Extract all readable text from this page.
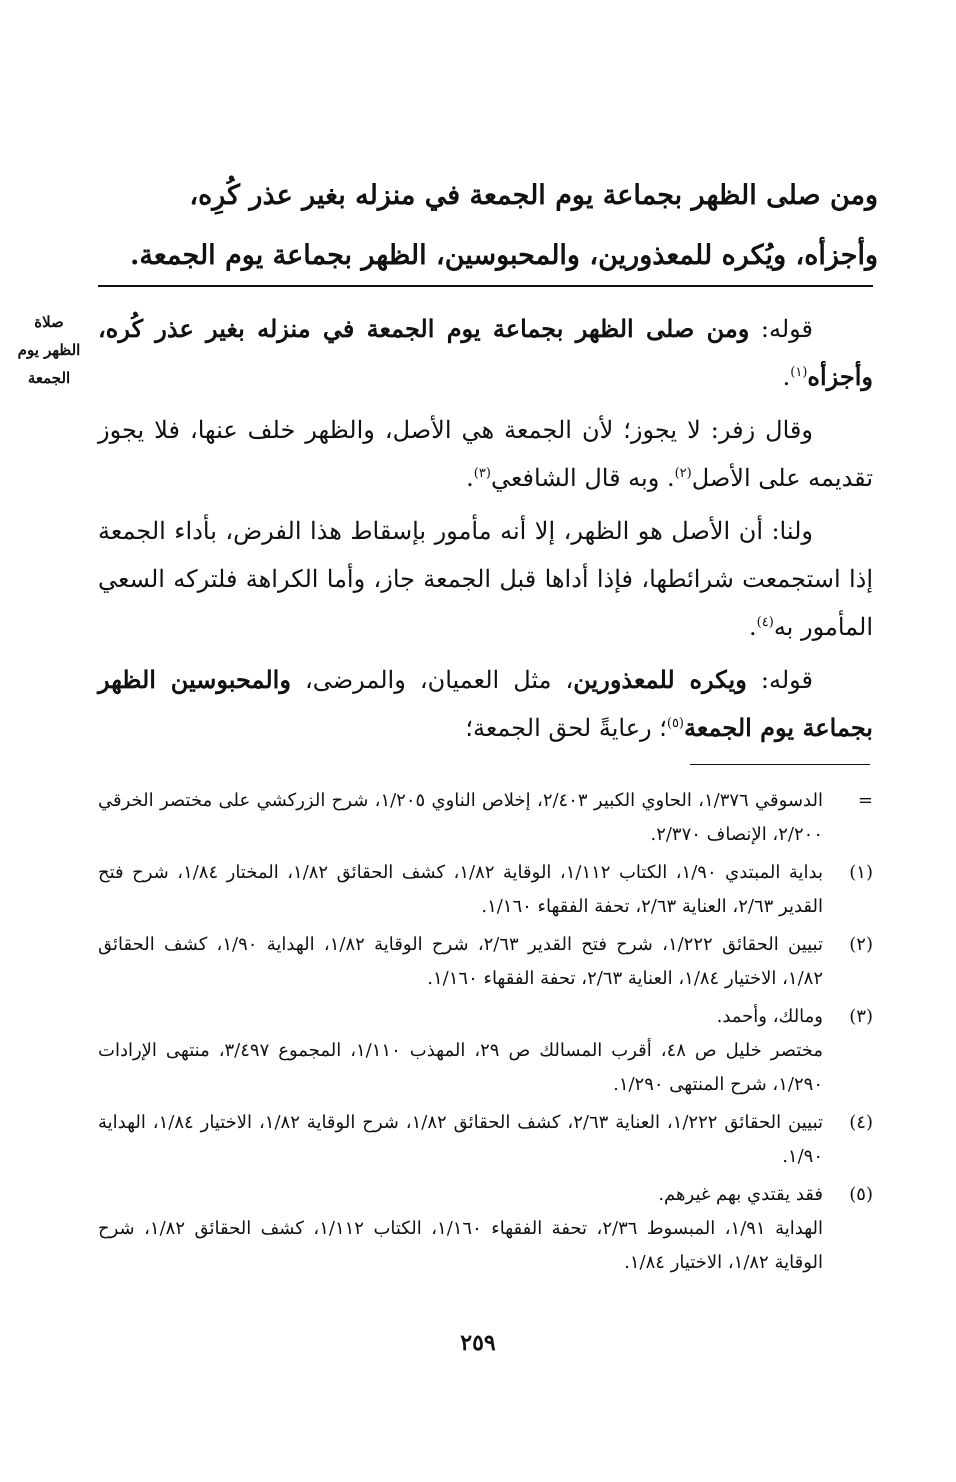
ومن صلى الظهر بجماعة يوم الجمعة في منزله بغير عذر كُرِه،
وأجزأه، ويُكره للمعذورين، والمحبوسين، الظهر بجماعة يوم الجمعة.
صلاة
الظهر يوم
الجمعة

قوله: ومن صلى الظهر بجماعة يوم الجمعة في منزله بغير عذر كُره، وأجزأه$^{(١)}$.

وقال زفر: لا يجوز؛ لأن الجمعة هي الأصل، والظهر خلف عنها، فلا يجوز تقديمه على الأصل$^{(٢)}$. وبه قال الشافعي$^{(٣)}$.

ولنا: أن الأصل هو الظهر، إلا أنه مأمور بإسقاط هذا الفرض، بأداء الجمعة إذا استجمعت شرائطها، فإذا أداها قبل الجمعة جاز، وأما الكراهة فلتركه السعي المأمور به$^{(٤)}$.

قوله: ويكره للمعذورين، مثل العميان، والمرضى، والمحبوسين الظهر بجماعة يوم الجمعة$^{(٥)}$؛ رعايةً لحق الجمعة؛

=
الدسوقي ١/٣٧٦، الحاوي الكبير ٢/٤٠٣، إخلاص الناوي ١/٢٠٥، شرح الزركشي على مختصر الخرقي ٢/٢٠٠، الإنصاف ٢/٣٧٠.
(١)
بداية المبتدي ١/٩٠، الكتاب ١/١١٢، الوقاية ١/٨٢، كشف الحقائق ١/٨٢، المختار ١/٨٤، شرح فتح القدير ٢/٦٣، العناية ٢/٦٣، تحفة الفقهاء ١/١٦٠.
(٢)
تبيين الحقائق ١/٢٢٢، شرح فتح القدير ٢/٦٣، شرح الوقاية ١/٨٢، الهداية ١/٩٠، كشف الحقائق ١/٨٢، الاختيار ١/٨٤، العناية ٢/٦٣، تحفة الفقهاء ١/١٦٠.
(٣)
ومالك، وأحمد.
مختصر خليل ص ٤٨، أقرب المسالك ص ٢٩، المهذب ١/١١٠، المجموع ٣/٤٩٧، منتهى الإرادات ١/٢٩٠، شرح المنتهى ١/٢٩٠.
(٤)
تبيين الحقائق ١/٢٢٢، العناية ٢/٦٣، كشف الحقائق ١/٨٢، شرح الوقاية ١/٨٢، الاختيار ١/٨٤، الهداية ١/٩٠.
(٥)
فقد يقتدي بهم غيرهم.
الهداية ١/٩١، المبسوط ٢/٣٦، تحفة الفقهاء ١/١٦٠، الكتاب ١/١١٢، كشف الحقائق ١/٨٢، شرح الوقاية ١/٨٢، الاختيار ١/٨٤.
٢٥٩
